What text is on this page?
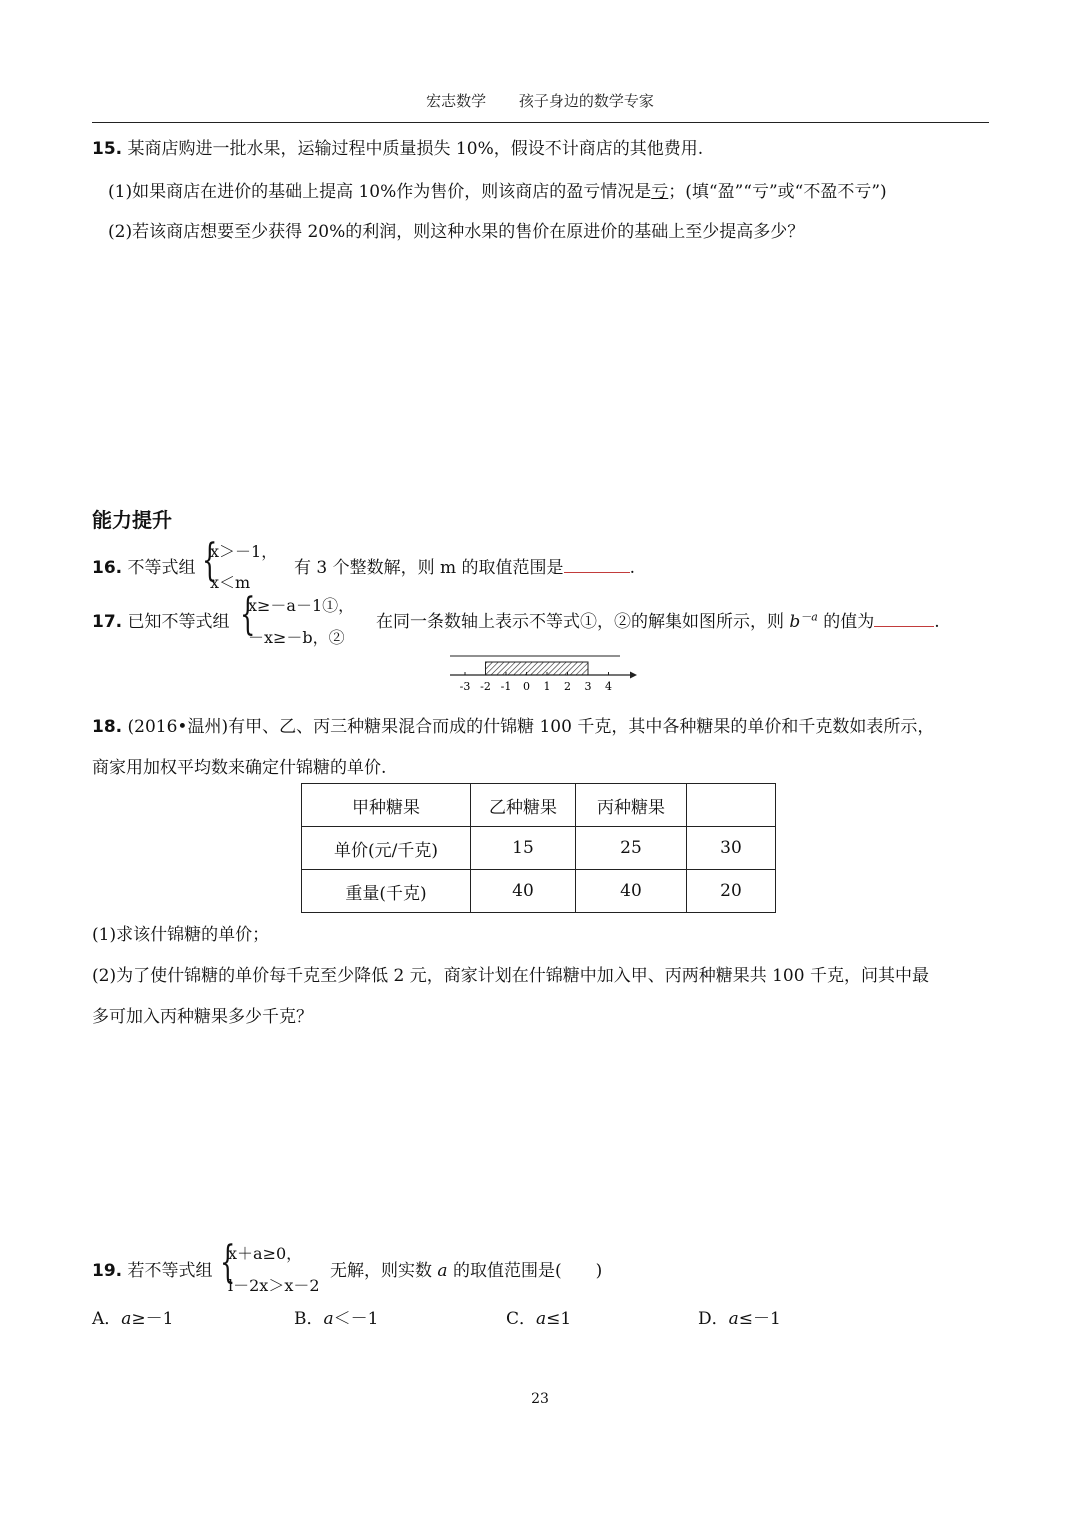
宏志数学 孩子身边的数学专家
15. 某商店购进一批水果，运输过程中质量损失 10%，假设不计商店的其他费用.
(1)如果商店在进价的基础上提高 10%作为售价，则该商店的盈亏情况是亏；(填“盈”“亏”或“不盈不亏”)
(2)若该商店想要至少获得 20%的利润，则这种水果的售价在原进价的基础上至少提高多少？
能力提升
16. 不等式组 {
x＞－1，
x＜m
有 3 个整数解，则 m 的取值范围是	.
17. 已知不等式组 {
x≥－a－1①，
－x≥－b，②
在同一条数轴上表示不等式①，②的解集如图所示，则 $b^{-a}$ 的值为	.
-3 -2 -1 0 1 2 3 4
18. (2016•温州)有甲、乙、丙三种糖果混合而成的什锦糖 100 千克，其中各种糖果的单价和千克数如表所示，
商家用加权平均数来确定什锦糖的单价.
甲种糖果	乙种糖果	丙种糖果	
单价(元/千克)	15	25	30
重量(千克)	40	40	20
(1)求该什锦糖的单价；
(2)为了使什锦糖的单价每千克至少降低 2 元，商家计划在什锦糖中加入甲、丙两种糖果共 100 千克，问其中最
多可加入丙种糖果多少千克？
19. 若不等式组 {
x＋a≥0，
l－2x＞x－2
无解，则实数 a 的取值范围是(　　)
A．a≥－1	B．a＜－1	C．a≤1	D．a≤－1
23
